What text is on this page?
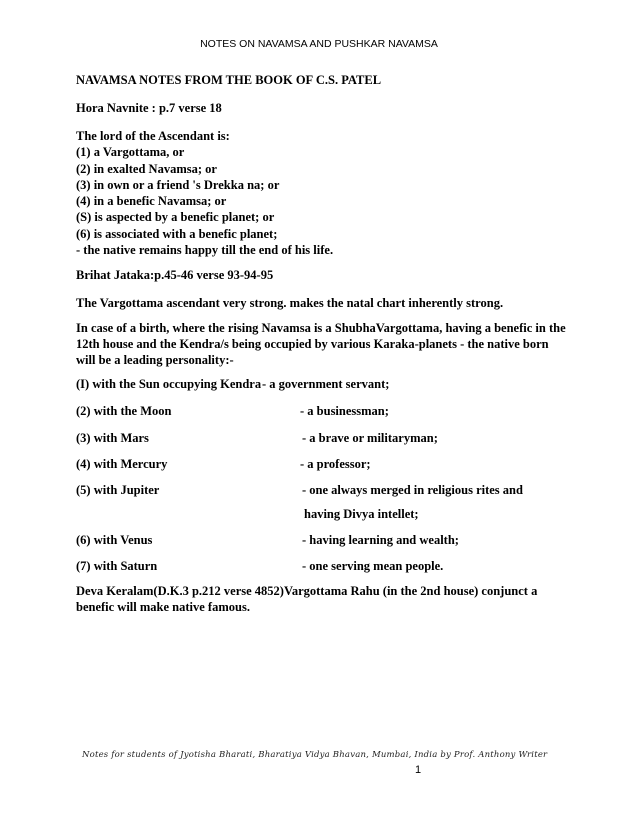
NOTES ON NAVAMSA AND PUSHKAR NAVAMSA
NAVAMSA NOTES FROM THE BOOK OF C.S. PATEL
Hora Navnite : p.7 verse 18
The lord of the Ascendant is:
(1) a Vargottama, or
(2) in exalted Navamsa; or
(3) in own or a friend 's Drekka na; or
(4) in a benefic Navamsa; or
(S) is aspected by a benefic planet; or
(6) is associated with a benefic planet;
- the native remains happy till the end of his life.
Brihat Jataka:p.45-46 verse 93-94-95
The Vargottama ascendant very strong. makes the natal chart inherently strong.
In case of a birth, where the rising Navamsa is a ShubhaVargottama, having a benefic in the 12th house and the Kendra/s being occupied by various Karaka-planets - the native born will be a leading personality:-
(I) with the Sun occupying Kendra - a government servant;
(2) with the Moon	- a businessman;
(3) with Mars	- a brave or militaryman;
(4) with Mercury	- a professor;
(5) with Jupiter	- one always merged in religious rites and
having Divya intellet;
(6) with Venus	- having learning and wealth;
(7) with Saturn	- one serving mean people.
Deva Keralam(D.K.3 p.212 verse 4852)Vargottama Rahu (in the 2nd house) conjunct a benefic will make native famous.
Notes for students of Jyotisha Bharati, Bharatiya Vidya Bhavan, Mumbai, India by Prof. Anthony Writer
1
